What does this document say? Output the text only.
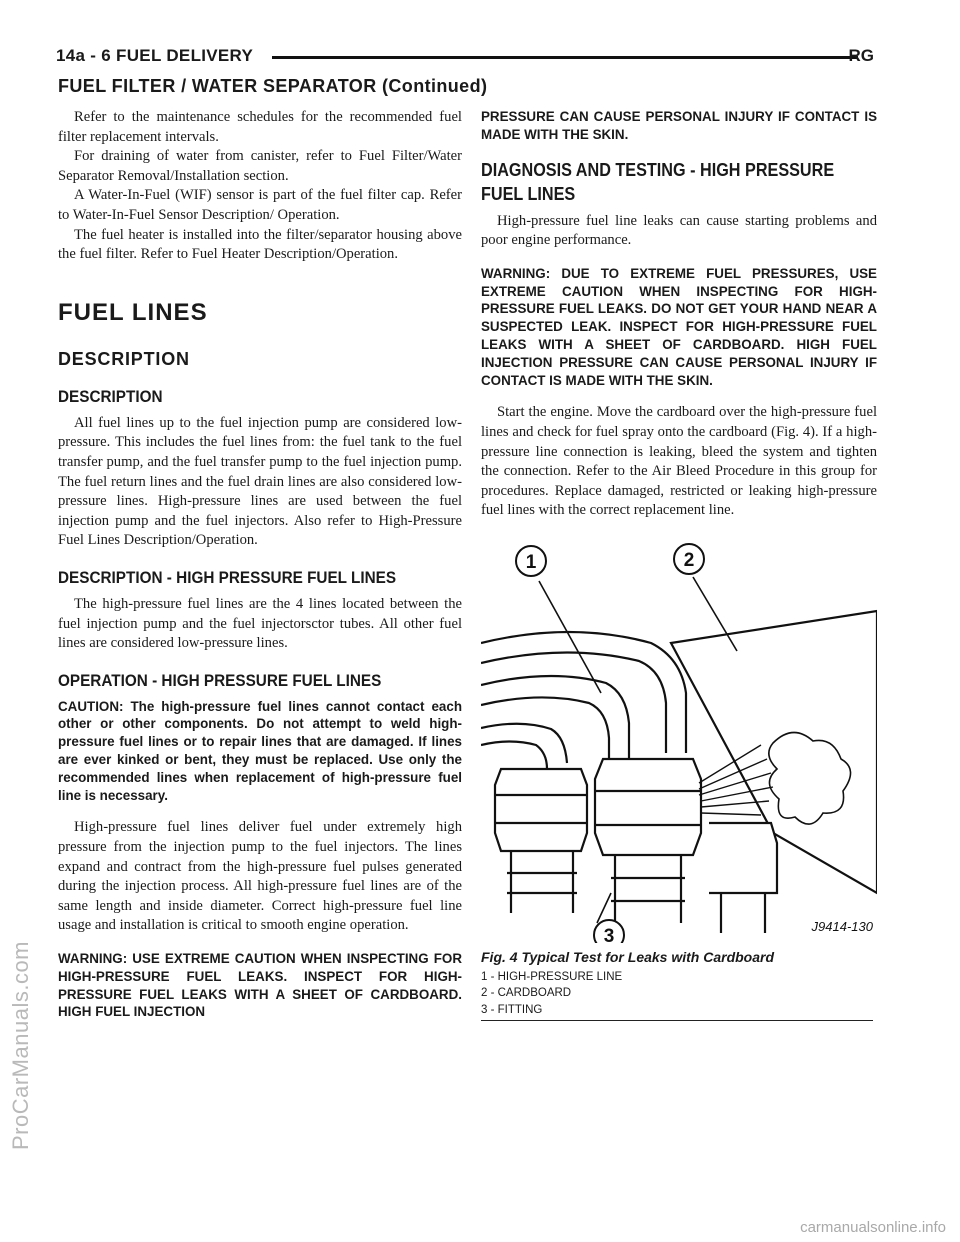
14a - 6 FUEL DELIVERY	RG
FUEL FILTER / WATER SEPARATOR (Continued)

Refer to the maintenance schedules for the recommended fuel filter replacement intervals.

For draining of water from canister, refer to Fuel Filter/Water Separator Removal/Installation section.

A Water-In-Fuel (WIF) sensor is part of the fuel filter cap. Refer to Water-In-Fuel Sensor Description/ Operation.

The fuel heater is installed into the filter/separator housing above the fuel filter. Refer to Fuel Heater Description/Operation.

FUEL LINES
DESCRIPTION
DESCRIPTION

All fuel lines up to the fuel injection pump are considered low-pressure. This includes the fuel lines from: the fuel tank to the fuel transfer pump, and the fuel transfer pump to the fuel injection pump. The fuel return lines and the fuel drain lines are also considered low-pressure lines. High-pressure lines are used between the fuel injection pump and the fuel injectors. Also refer to High-Pressure Fuel Lines Description/Operation.

DESCRIPTION - HIGH PRESSURE FUEL LINES

The high-pressure fuel lines are the 4 lines located between the fuel injection pump and the fuel injectorsctor tubes. All other fuel lines are considered low-pressure lines.

OPERATION - HIGH PRESSURE FUEL LINES

CAUTION: The high-pressure fuel lines cannot contact each other or other components. Do not attempt to weld high-pressure fuel lines or to repair lines that are damaged. If lines are ever kinked or bent, they must be replaced. Use only the recommended lines when replacement of high-pressure fuel line is necessary.

High-pressure fuel lines deliver fuel under extremely high pressure from the injection pump to the fuel injectors. The lines expand and contract from the high-pressure fuel pulses generated during the injection process. All high-pressure fuel lines are of the same length and inside diameter. Correct high-pressure fuel line usage and installation is critical to smooth engine operation.

WARNING: USE EXTREME CAUTION WHEN INSPECTING FOR HIGH-PRESSURE FUEL LEAKS. INSPECT FOR HIGH-PRESSURE FUEL LEAKS WITH A SHEET OF CARDBOARD. HIGH FUEL INJECTION

PRESSURE CAN CAUSE PERSONAL INJURY IF CONTACT IS MADE WITH THE SKIN.

DIAGNOSIS AND TESTING - HIGH PRESSURE FUEL LINES

High-pressure fuel line leaks can cause starting problems and poor engine performance.

WARNING: DUE TO EXTREME FUEL PRESSURES, USE EXTREME CAUTION WHEN INSPECTING FOR HIGH-PRESSURE FUEL LEAKS. DO NOT GET YOUR HAND NEAR A SUSPECTED LEAK. INSPECT FOR HIGH-PRESSURE FUEL LEAKS WITH A SHEET OF CARDBOARD. HIGH FUEL INJECTION PRESSURE CAN CAUSE PERSONAL INJURY IF CONTACT IS MADE WITH THE SKIN.

Start the engine. Move the cardboard over the high-pressure fuel lines and check for fuel spray onto the cardboard (Fig. 4). If a high-pressure line connection is leaking, bleed the system and tighten the connection. Refer to the Air Bleed Procedure in this group for procedures. Replace damaged, restricted or leaking high-pressure fuel lines with the correct replacement line.

1	2
3	J9414-130
Fig. 4 Typical Test for Leaks with Cardboard
1 - HIGH-PRESSURE LINE
2 - CARDBOARD
3 - FITTING
ProCarManuals.com
carmanualsonline.info
